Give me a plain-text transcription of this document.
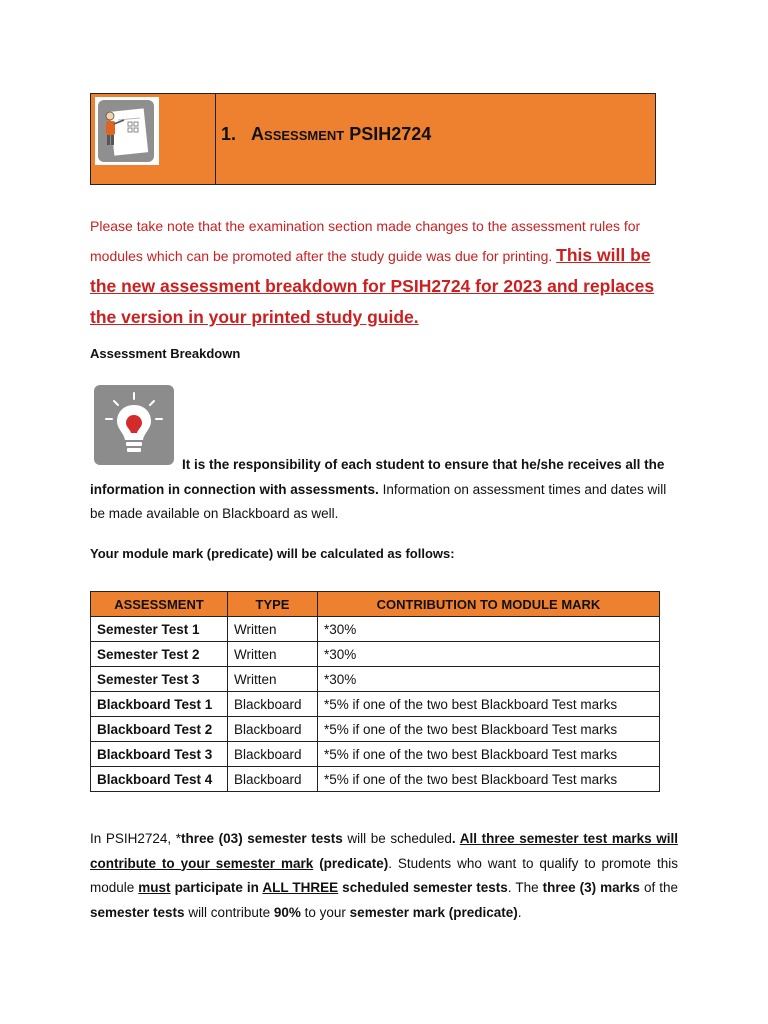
1. Assessment PSIH2724
Please take note that the examination section made changes to the assessment rules for modules which can be promoted after the study guide was due for printing. This will be the new assessment breakdown for PSIH2724 for 2023 and replaces the version in your printed study guide.
Assessment Breakdown
It is the responsibility of each student to ensure that he/she receives all the information in connection with assessments. Information on assessment times and dates will be made available on Blackboard as well.
Your module mark (predicate) will be calculated as follows:
ASSESSMENT	TYPE	CONTRIBUTION TO MODULE MARK
Semester Test 1	Written	*30%
Semester Test 2	Written	*30%
Semester Test 3	Written	*30%
Blackboard Test 1	Blackboard	*5% if one of the two best Blackboard Test marks
Blackboard Test 2	Blackboard	*5% if one of the two best Blackboard Test marks
Blackboard Test 3	Blackboard	*5% if one of the two best Blackboard Test marks
Blackboard Test 4	Blackboard	*5% if one of the two best Blackboard Test marks
In PSIH2724, *three (03) semester tests will be scheduled. All three semester test marks will contribute to your semester mark (predicate). Students who want to qualify to promote this module must participate in ALL THREE scheduled semester tests. The three (3) marks of the semester tests will contribute 90% to your semester mark (predicate).
